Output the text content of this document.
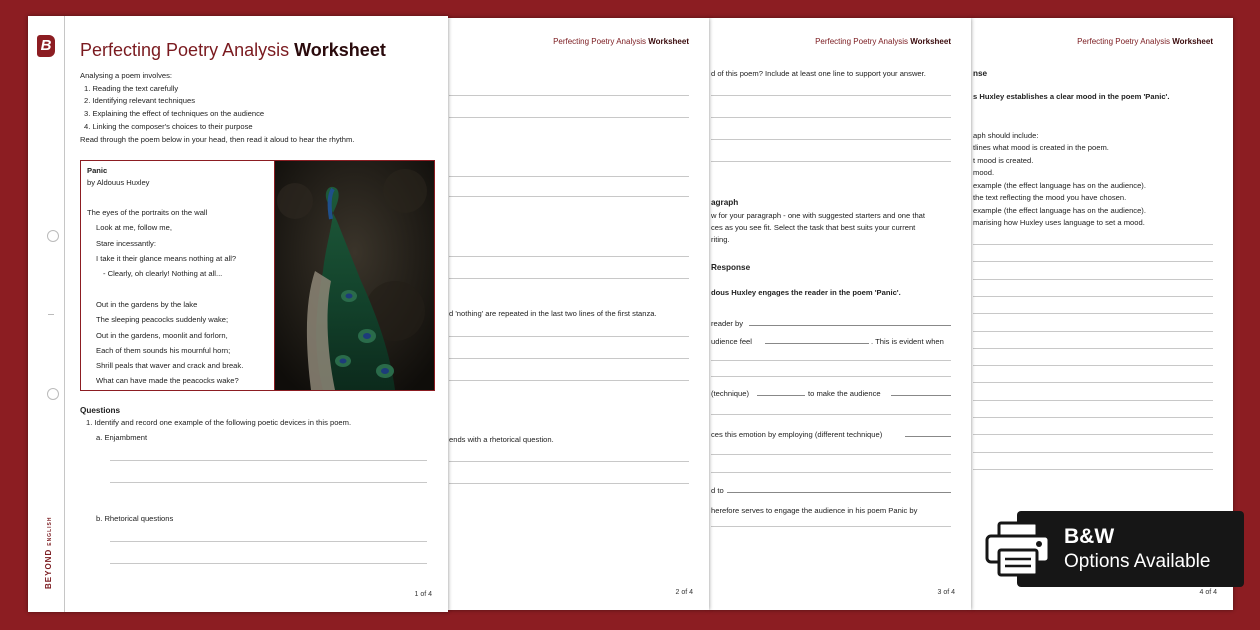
Perfecting Poetry Analysis Worksheet
nse
s Huxley establishes a clear mood in the poem 'Panic'.
aph should include:
tlines what mood is created in the poem.
t mood is created.
mood.
example (the effect language has on the audience).
the text reflecting the mood you have chosen.
example (the effect language has on the audience).
marising how Huxley uses language to set a mood.
4 of 4
Perfecting Poetry Analysis Worksheet
d of this poem? Include at least one line to support your answer.
agraph
w for your paragraph - one with suggested starters and one that
ces as you see fit. Select the task that best suits your current
riting.
Response
dous Huxley engages the reader in the poem 'Panic'.
reader by
udience feel	. This is evident when
(technique)	to make the audience
ces this emotion by employing (different technique)
d to
herefore serves to engage the audience in his poem Panic by
3 of 4
Perfecting Poetry Analysis Worksheet
d 'nothing' are repeated in the last two lines of the first stanza.
ends with a rhetorical question.
2 of 4
B
BEYONDENGLISH
Perfecting Poetry Analysis Worksheet
Analysing a poem involves:
1. Reading the text carefully
2. Identifying relevant techniques
3. Explaining the effect of techniques on the audience
4. Linking the composer's choices to their purpose
Read through the poem below in your head, then read it aloud to hear the rhythm.
Panic
by Aldouus Huxley
The eyes of the portraits on the wall
Look at me, follow me,
Stare incessantly:
I take it their glance means nothing at all?
- Clearly, oh clearly! Nothing at all...
Out in the gardens by the lake
The sleeping peacocks suddenly wake;
Out in the gardens, moonlit and forlorn,
Each of them sounds his mournful horn;
Shrill peals that waver and crack and break.
What can have made the peacocks wake?
Questions
1. Identify and record one example of the following poetic devices in this poem.
a. Enjambment
b. Rhetorical questions
1 of 4
B&W
Options Available
